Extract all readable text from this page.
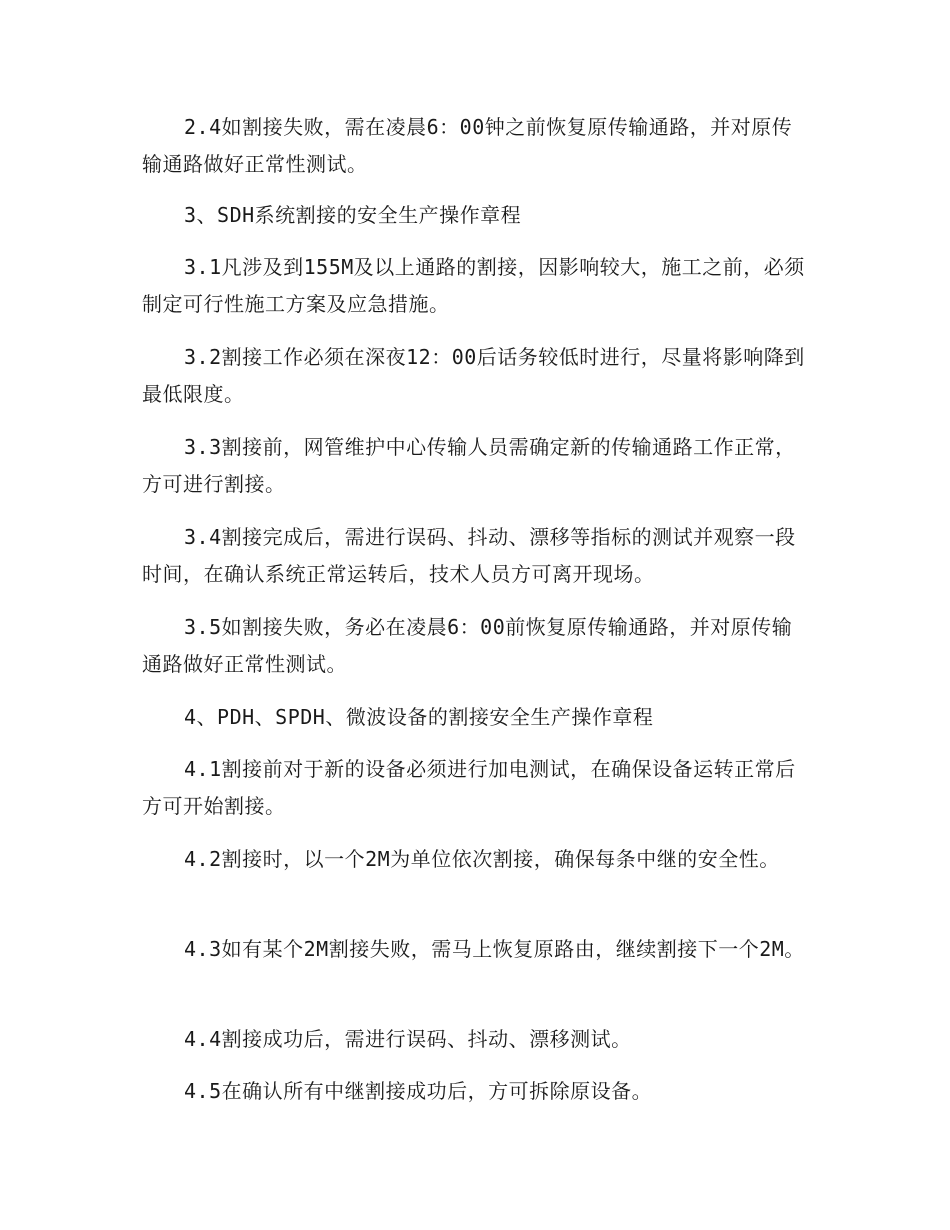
2.4如割接失败，需在凌晨6：00钟之前恢复原传输通路，并对原传输通路做好正常性测试。

3、SDH系统割接的安全生产操作章程

3.1凡涉及到155M及以上通路的割接，因影响较大，施工之前，必须制定可行性施工方案及应急措施。

3.2割接工作必须在深夜12：00后话务较低时进行，尽量将影响降到最低限度。

3.3割接前，网管维护中心传输人员需确定新的传输通路工作正常，方可进行割接。

3.4割接完成后，需进行误码、抖动、漂移等指标的测试并观察一段时间，在确认系统正常运转后，技术人员方可离开现场。

3.5如割接失败，务必在凌晨6：00前恢复原传输通路，并对原传输通路做好正常性测试。

4、PDH、SPDH、微波设备的割接安全生产操作章程

4.1割接前对于新的设备必须进行加电测试，在确保设备运转正常后方可开始割接。

4.2割接时，以一个2M为单位依次割接，确保每条中继的安全性。

4.3如有某个2M割接失败，需马上恢复原路由，继续割接下一个2M。

4.4割接成功后，需进行误码、抖动、漂移测试。

4.5在确认所有中继割接成功后，方可拆除原设备。
